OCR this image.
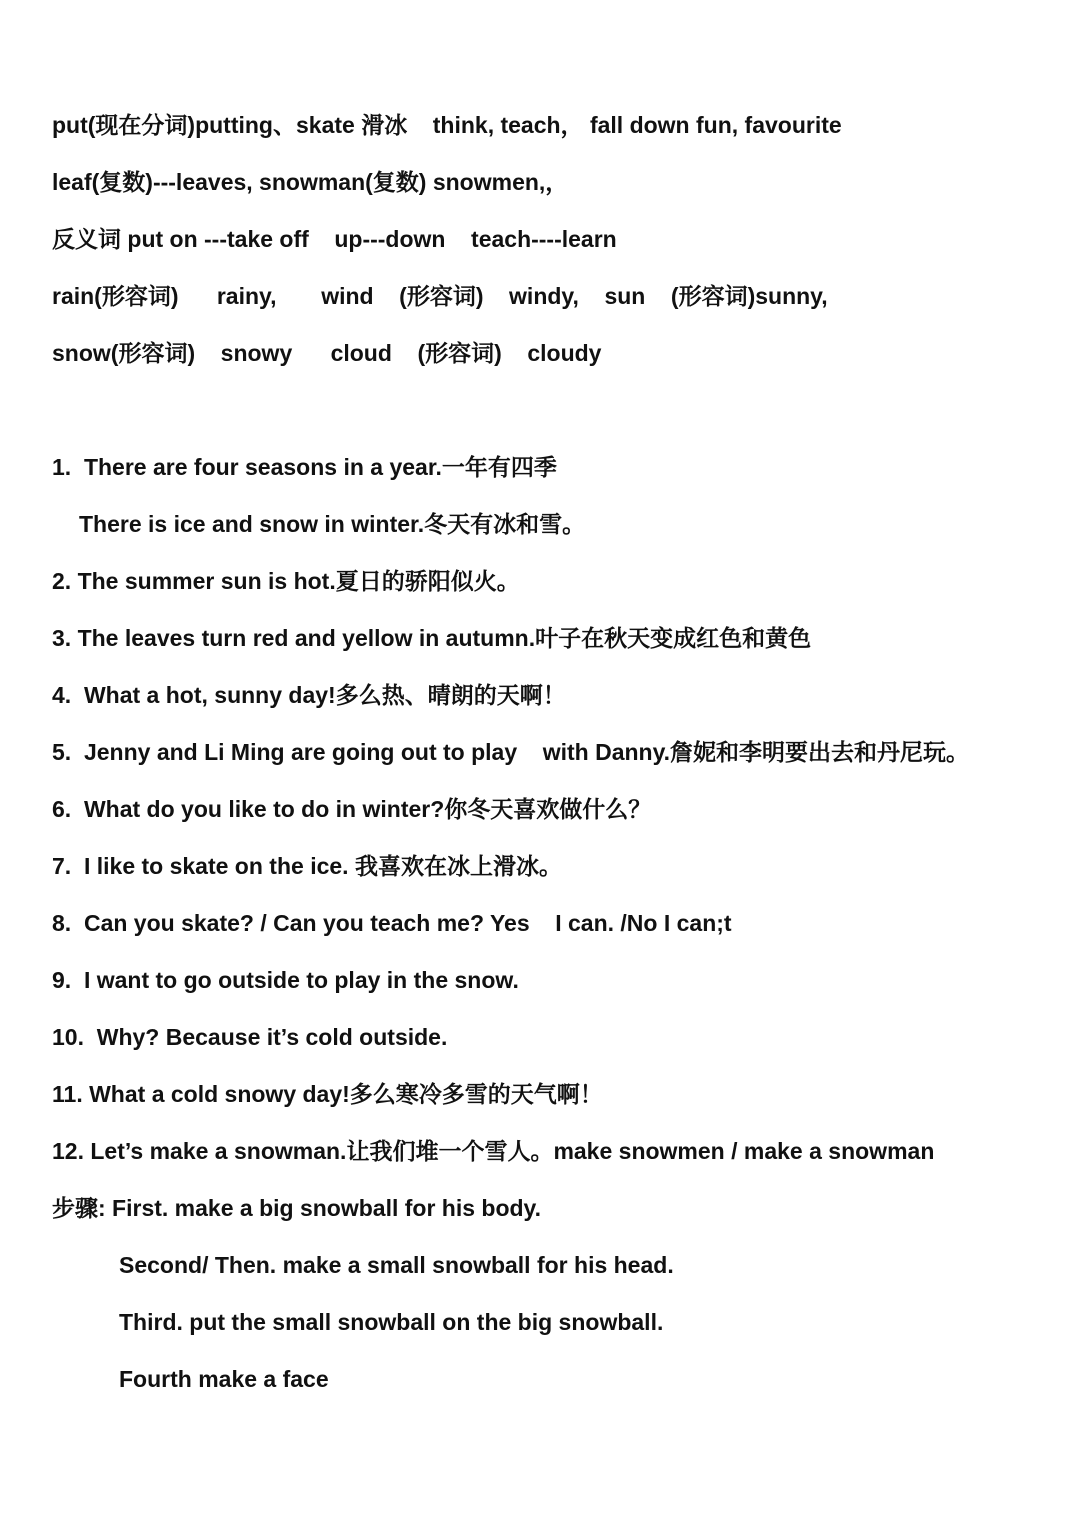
put(现在分词)putting、skate 滑冰    think, teach， fall down fun, favourite
leaf(复数)---leaves, snowman(复数) snowmen,，
反义词 put on ---take off    up---down    teach----learn
rain(形容词)      rainy,       wind    (形容词)    windy,    sun    (形容词)sunny,
snow(形容词)    snowy      cloud    (形容词)    cloudy
1.  There are four seasons in a year.一年有四季
There is ice and snow in winter.冬天有冰和雪。
2. The summer sun is hot.夏日的骄阳似火。
3. The leaves turn red and yellow in autumn.叶子在秋天变成红色和黄色
4.  What a hot, sunny day!多么热、晴朗的天啊！
5.  Jenny and Li Ming are going out to play    with Danny.詹妮和李明要出去和丹尼玩。
6.  What do you like to do in winter?你冬天喜欢做什么？
7.  I like to skate on the ice. 我喜欢在冰上滑冰。
8.  Can you skate? / Can you teach me? Yes    I can. /No I can;t
9.  I want to go outside to play in the snow.
10.  Why? Because it’s cold outside.
11. What a cold snowy day!多么寒冷多雪的天气啊！
12. Let’s make a snowman.让我们堆一个雪人。make snowmen / make a snowman
步骤: First. make a big snowball for his body.
Second/ Then. make a small snowball for his head.
Third. put the small snowball on the big snowball.
Fourth make a face
